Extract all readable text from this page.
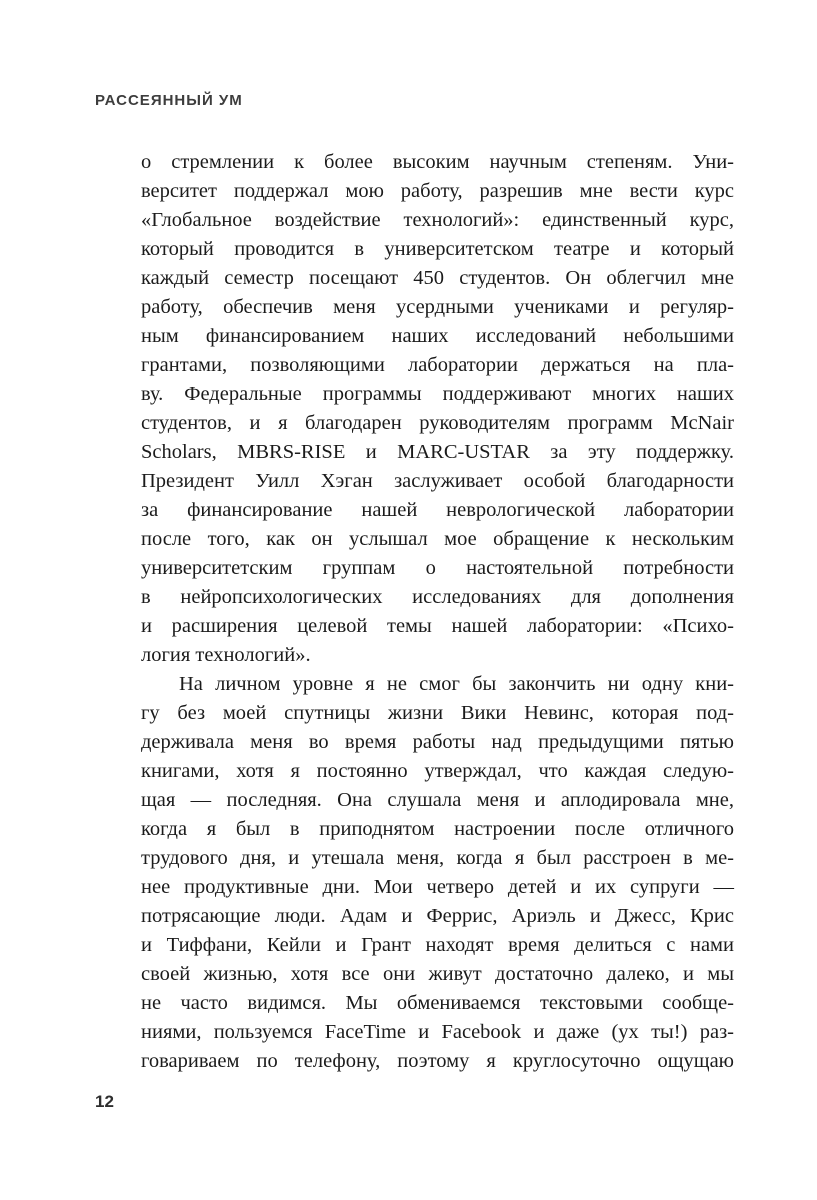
РАССЕЯННЫЙ УМ
о стремлении к более высоким научным степеням. Уни-
верситет поддержал мою работу, разрешив мне вести курс
«Глобальное воздействие технологий»: единственный курс,
который проводится в университетском театре и который
каждый семестр посещают 450 студентов. Он облегчил мне
работу, обеспечив меня усердными учениками и регуляр-
ным финансированием наших исследований небольшими
грантами, позволяющими лаборатории держаться на пла-
ву. Федеральные программы поддерживают многих наших
студентов, и я благодарен руководителям программ McNair
Scholars, MBRS-RISE и MARC-USTAR за эту поддержку.
Президент Уилл Хэган заслуживает особой благодарности
за финансирование нашей неврологической лаборатории
после того, как он услышал мое обращение к нескольким
университетским группам о настоятельной потребности
в нейропсихологических исследованиях для дополнения
и расширения целевой темы нашей лаборатории: «Психо-
логия технологий».
На личном уровне я не смог бы закончить ни одну кни-
гу без моей спутницы жизни Вики Невинс, которая под-
держивала меня во время работы над предыдущими пятью
книгами, хотя я постоянно утверждал, что каждая следую-
щая — последняя. Она слушала меня и аплодировала мне,
когда я был в приподнятом настроении после отличного
трудового дня, и утешала меня, когда я был расстроен в ме-
нее продуктивные дни. Мои четверо детей и их супруги —
потрясающие люди. Адам и Феррис, Ариэль и Джесс, Крис
и Тиффани, Кейли и Грант находят время делиться с нами
своей жизнью, хотя все они живут достаточно далеко, и мы
не часто видимся. Мы обмениваемся текстовыми сообще-
ниями, пользуемся FaceTime и Facebook и даже (ух ты!) раз-
говариваем по телефону, поэтому я круглосуточно ощущаю
12
